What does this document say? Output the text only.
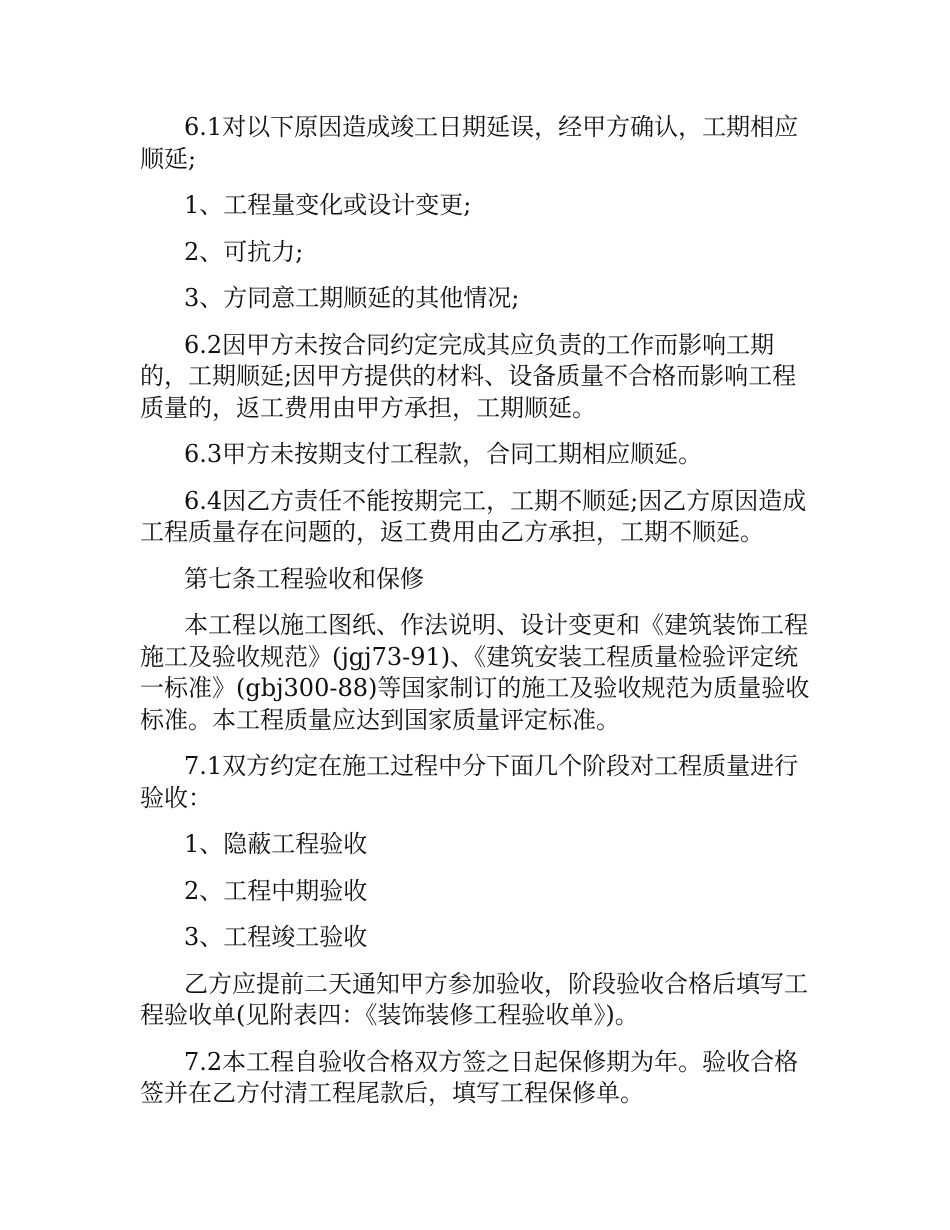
6.1对以下原因造成竣工日期延误，经甲方确认，工期相应顺延;

1、工程量变化或设计变更;

2、可抗力;

3、方同意工期顺延的其他情况;

6.2因甲方未按合同约定完成其应负责的工作而影响工期的，工期顺延;因甲方提供的材料、设备质量不合格而影响工程质量的，返工费用由甲方承担，工期顺延。

6.3甲方未按期支付工程款，合同工期相应顺延。

6.4因乙方责任不能按期完工，工期不顺延;因乙方原因造成工程质量存在问题的，返工费用由乙方承担，工期不顺延。

第七条工程验收和保修

本工程以施工图纸、作法说明、设计变更和《建筑装饰工程施工及验收规范》(jgj73-91)、《建筑安装工程质量检验评定统一标准》(gbj300-88)等国家制订的施工及验收规范为质量验收标准。本工程质量应达到国家质量评定标准。

7.1双方约定在施工过程中分下面几个阶段对工程质量进行验收：

1、隐蔽工程验收

2、工程中期验收

3、工程竣工验收

乙方应提前二天通知甲方参加验收，阶段验收合格后填写工程验收单(见附表四：《装饰装修工程验收单》)。

7.2本工程自验收合格双方签之日起保修期为年。验收合格签并在乙方付清工程尾款后，填写工程保修单。
